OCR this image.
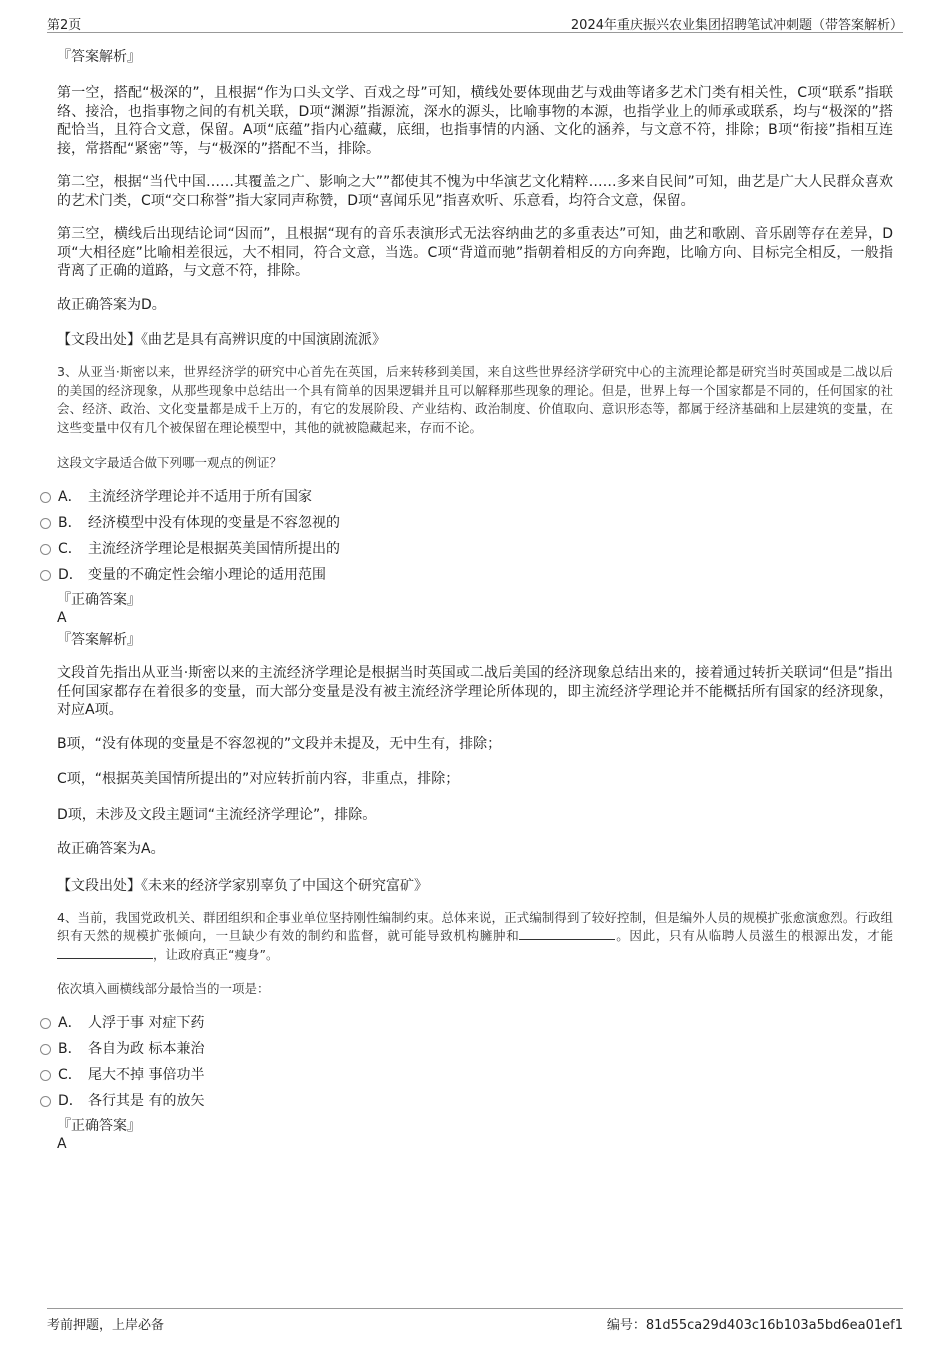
第2页	2024年重庆振兴农业集团招聘笔试冲刺题（带答案解析）

『答案解析』

第一空，搭配“极深的”，且根据“作为口头文学、百戏之母”可知，横线处要体现曲艺与戏曲等诸多艺术门类有相关性，C项“联系”指联络、接洽，也指事物之间的有机关联，D项“渊源”指源流，深水的源头，比喻事物的本源，也指学业上的师承或联系，均与“极深的”搭配恰当，且符合文意，保留。A项“底蕴”指内心蕴藏，底细，也指事情的内涵、文化的涵养，与文意不符，排除；B项“衔接”指相互连接，常搭配“紧密”等，与“极深的”搭配不当，排除。

第二空，根据“当代中国……其覆盖之广、影响之大””都使其不愧为中华演艺文化精粹……多来自民间”可知，曲艺是广大人民群众喜欢的艺术门类，C项“交口称誉”指大家同声称赞，D项“喜闻乐见”指喜欢听、乐意看，均符合文意，保留。

第三空，横线后出现结论词“因而”，且根据“现有的音乐表演形式无法容纳曲艺的多重表达”可知，曲艺和歌剧、音乐剧等存在差异，D项“大相径庭”比喻相差很远，大不相同，符合文意，当选。C项“背道而驰”指朝着相反的方向奔跑，比喻方向、目标完全相反，一般指背离了正确的道路，与文意不符，排除。

故正确答案为D。

【文段出处】《曲艺是具有高辨识度的中国演剧流派》

3、从亚当·斯密以来，世界经济学的研究中心首先在英国，后来转移到美国，来自这些世界经济学研究中心的主流理论都是研究当时英国或是二战以后的美国的经济现象，从那些现象中总结出一个具有简单的因果逻辑并且可以解释那些现象的理论。但是，世界上每一个国家都是不同的，任何国家的社会、经济、政治、文化变量都是成千上万的，有它的发展阶段、产业结构、政治制度、价值取向、意识形态等，都属于经济基础和上层建筑的变量，在这些变量中仅有几个被保留在理论模型中，其他的就被隐藏起来，存而不论。

这段文字最适合做下列哪一观点的例证？

A． 主流经济学理论并不适用于所有国家
B． 经济模型中没有体现的变量是不容忽视的
C． 主流经济学理论是根据英美国情所提出的
D． 变量的不确定性会缩小理论的适用范围

『正确答案』

A

『答案解析』

文段首先指出从亚当·斯密以来的主流经济学理论是根据当时英国或二战后美国的经济现象总结出来的，接着通过转折关联词“但是”指出任何国家都存在着很多的变量，而大部分变量是没有被主流经济学理论所体现的，即主流经济学理论并不能概括所有国家的经济现象，对应A项。

B项，“没有体现的变量是不容忽视的”文段并未提及，无中生有，排除；

C项，“根据英美国情所提出的”对应转折前内容，非重点，排除；

D项，未涉及文段主题词“主流经济学理论”，排除。

故正确答案为A。

【文段出处】《未来的经济学家别辜负了中国这个研究富矿》

4、当前，我国党政机关、群团组织和企事业单位坚持刚性编制约束。总体来说，正式编制得到了较好控制，但是编外人员的规模扩张愈演愈烈。行政组织有天然的规模扩张倾向，一旦缺少有效的制约和监督，就可能导致机构臃肿和	。因此，只有从临聘人员滋生的根源出发，才能 ，让政府真正“瘦身”。

依次填入画横线部分最恰当的一项是：

A． 人浮于事 对症下药
B． 各自为政 标本兼治
C． 尾大不掉 事倍功半
D． 各行其是 有的放矢

『正确答案』

A

考前押题，上岸必备	编号：81d55ca29d403c16b103a5bd6ea01ef1
